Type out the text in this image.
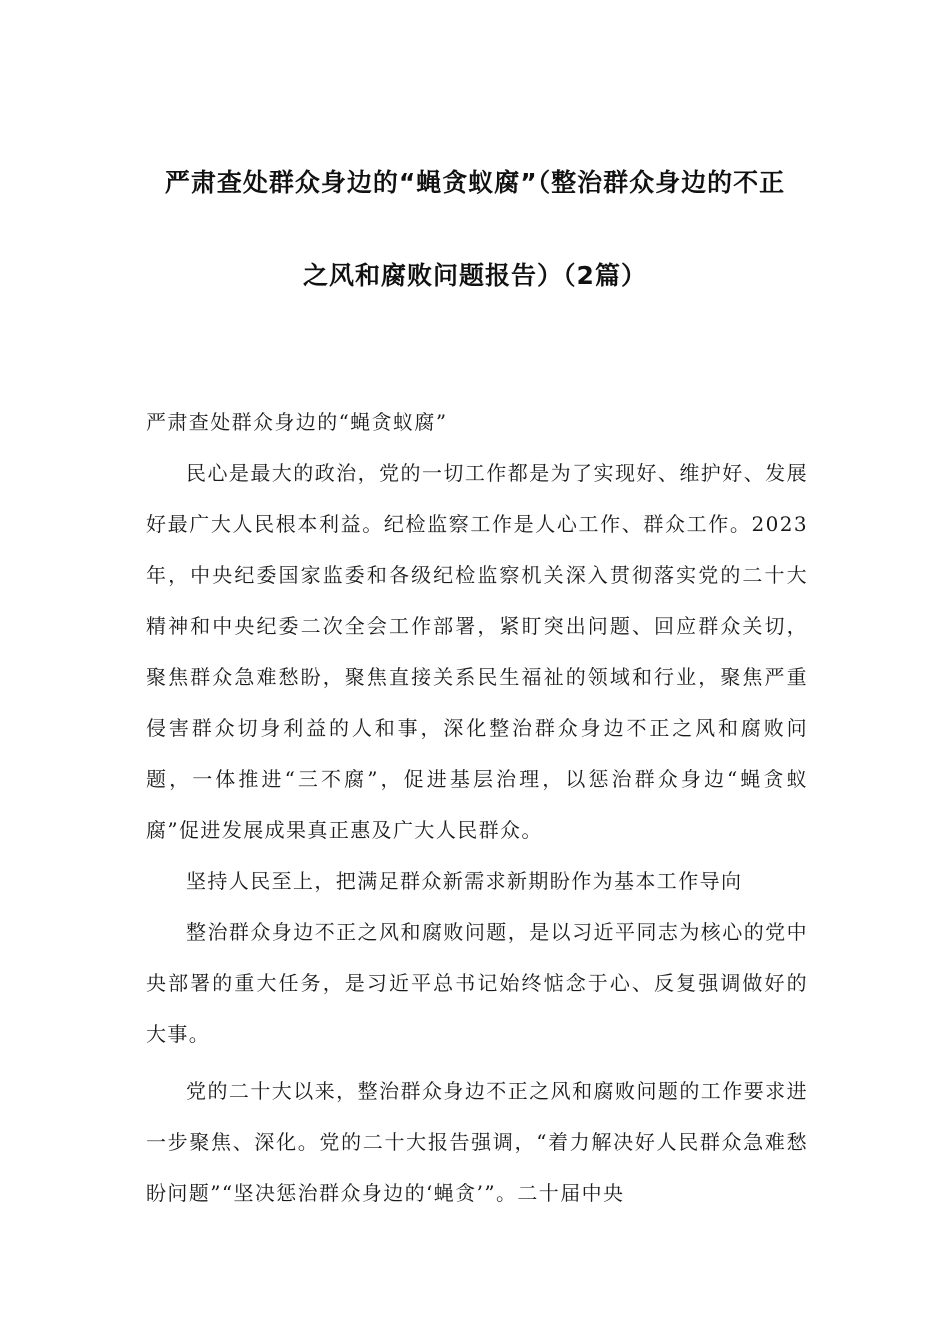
严肃查处群众身边的“蝇贪蚁腐”（整治群众身边的不正
之风和腐败问题报告）（2篇）

严肃查处群众身边的“蝇贪蚁腐”

民心是最大的政治，党的一切工作都是为了实现好、维护好、发展好最广大人民根本利益。纪检监察工作是人心工作、群众工作。2023年，中央纪委国家监委和各级纪检监察机关深入贯彻落实党的二十大精神和中央纪委二次全会工作部署，紧盯突出问题、回应群众关切，聚焦群众急难愁盼，聚焦直接关系民生福祉的领域和行业，聚焦严重侵害群众切身利益的人和事，深化整治群众身边不正之风和腐败问题，一体推进“三不腐”，促进基层治理，以惩治群众身边“蝇贪蚁腐”促进发展成果真正惠及广大人民群众。

坚持人民至上，把满足群众新需求新期盼作为基本工作导向

整治群众身边不正之风和腐败问题，是以习近平同志为核心的党中央部署的重大任务，是习近平总书记始终惦念于心、反复强调做好的大事。

党的二十大以来，整治群众身边不正之风和腐败问题的工作要求进一步聚焦、深化。党的二十大报告强调，“着力解决好人民群众急难愁盼问题”“坚决惩治群众身边的‘蝇贪’”。二十届中央
